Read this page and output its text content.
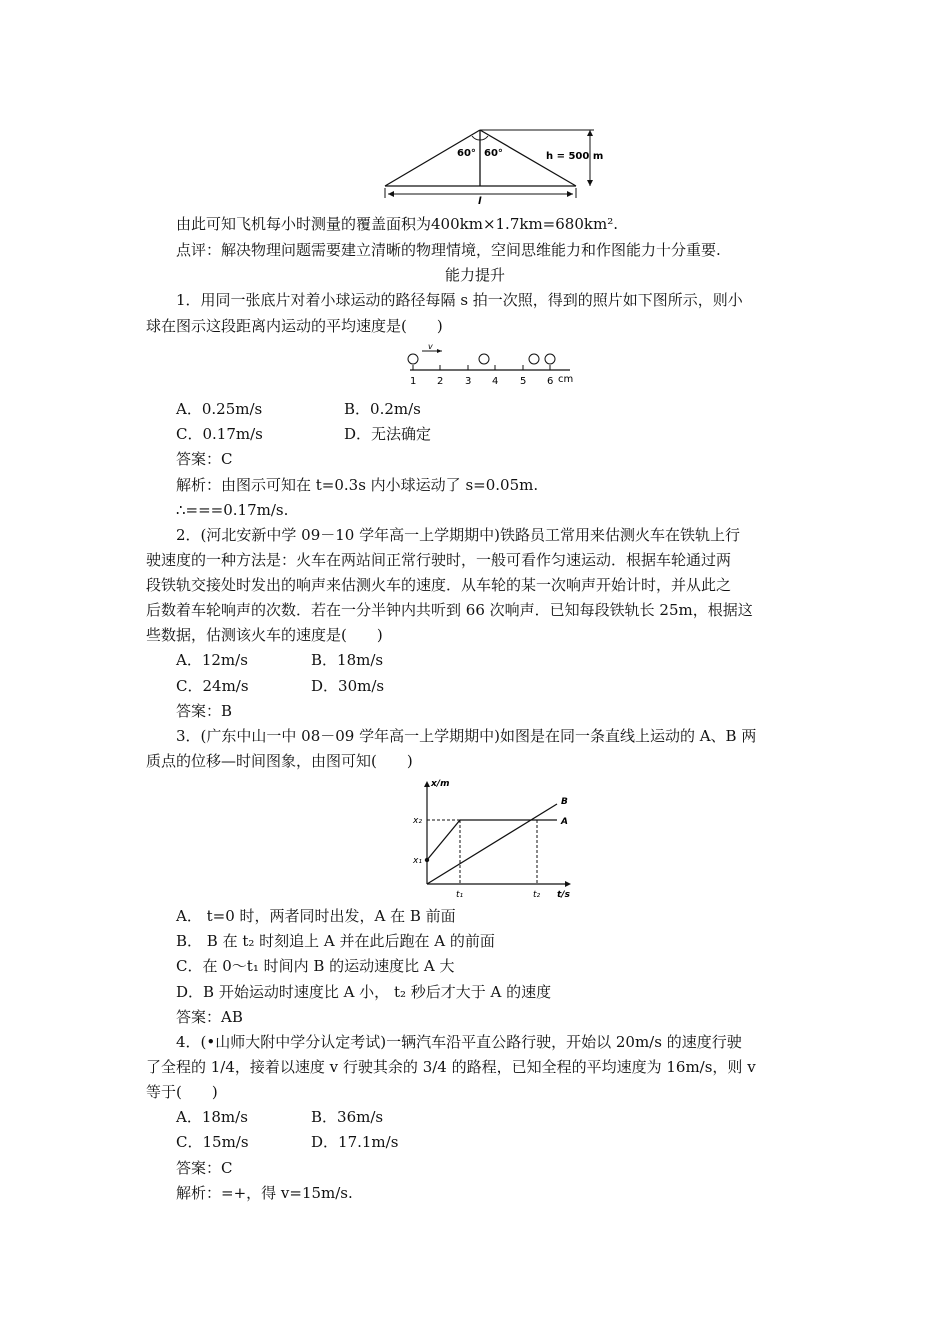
60° 60°	h = 500 m
l
由此可知飞机每小时测量的覆盖面积为400km×1.7km=680km².
点评：解决物理问题需要建立清晰的物理情境，空间思维能力和作图能力十分重要.
能力提升
1．用同一张底片对着小球运动的路径每隔 s 拍一次照，得到的照片如下图所示，则小
球在图示这段距离内运动的平均速度是(　　)
v
1 2 3 4 5 6 cm
A．0.25m/s	B．0.2m/s
C．0.17m/s	D．无法确定
答案：C
解析：由图示可知在 t=0.3s 内小球运动了 s=0.05m.
∴===0.17m/s.
2．(河北安新中学 09－10 学年高一上学期期中)铁路员工常用来估测火车在铁轨上行
驶速度的一种方法是：火车在两站间正常行驶时，一般可看作匀速运动．根据车轮通过两
段铁轨交接处时发出的响声来估测火车的速度．从车轮的某一次响声开始计时，并从此之
后数着车轮响声的次数．若在一分半钟内共听到 66 次响声．已知每段铁轨长 25m，根据这
些数据，估测该火车的速度是(　　)
A．12m/s	B．18m/s
C．24m/s	D．30m/s
答案：B
3．(广东中山一中 08－09 学年高一上学期期中)如图是在同一条直线上运动的 A、B 两
质点的位移—时间图象，由图可知(　　)
x/m
t/s
x₂
x₁
t₁	t₂
A
B
A． t=0 时，两者同时出发，A 在 B 前面
B． B 在 t₂ 时刻追上 A 并在此后跑在 A 的前面
C．在 0～t₁ 时间内 B 的运动速度比 A 大
D．B 开始运动时速度比 A 小， t₂ 秒后才大于 A 的速度
答案：AB
4．(•山师大附中学分认定考试)一辆汽车沿平直公路行驶，开始以 20m/s 的速度行驶
了全程的 1/4，接着以速度 v 行驶其余的 3/4 的路程，已知全程的平均速度为 16m/s，则 v
等于(　　)
A．18m/s	B．36m/s
C．15m/s	D．17.1m/s
答案：C
解析：=+，得 v=15m/s.
